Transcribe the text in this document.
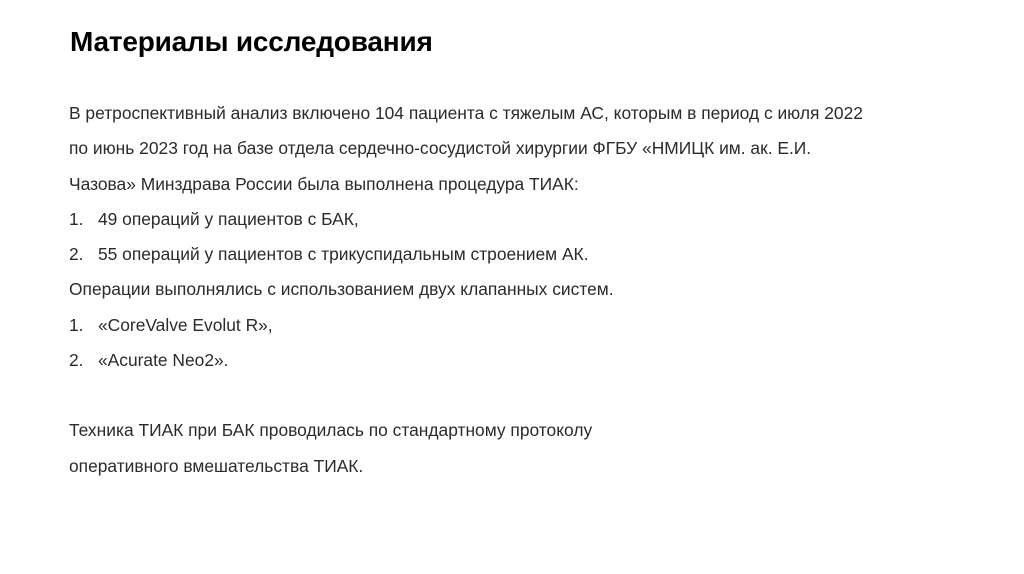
Материалы исследования

В ретроспективный анализ включено 104 пациента с тяжелым АС, которым в период с июля 2022

по июнь 2023 год на базе отдела сердечно-сосудистой хирургии ФГБУ «НМИЦК им. ак. Е.И.

Чазова» Минздрава России была выполнена процедура ТИАК:

1. 49 операций у пациентов с БАК,
2. 55 операций у пациентов с трикуспидальным строением АК.

Операции выполнялись с использованием двух клапанных систем.

1. «CoreValve Evolut R»,
2. «Acurate Neo2».

Техника ТИАК при БАК проводилась по стандартному протоколу

оперативного вмешательства ТИАК.
